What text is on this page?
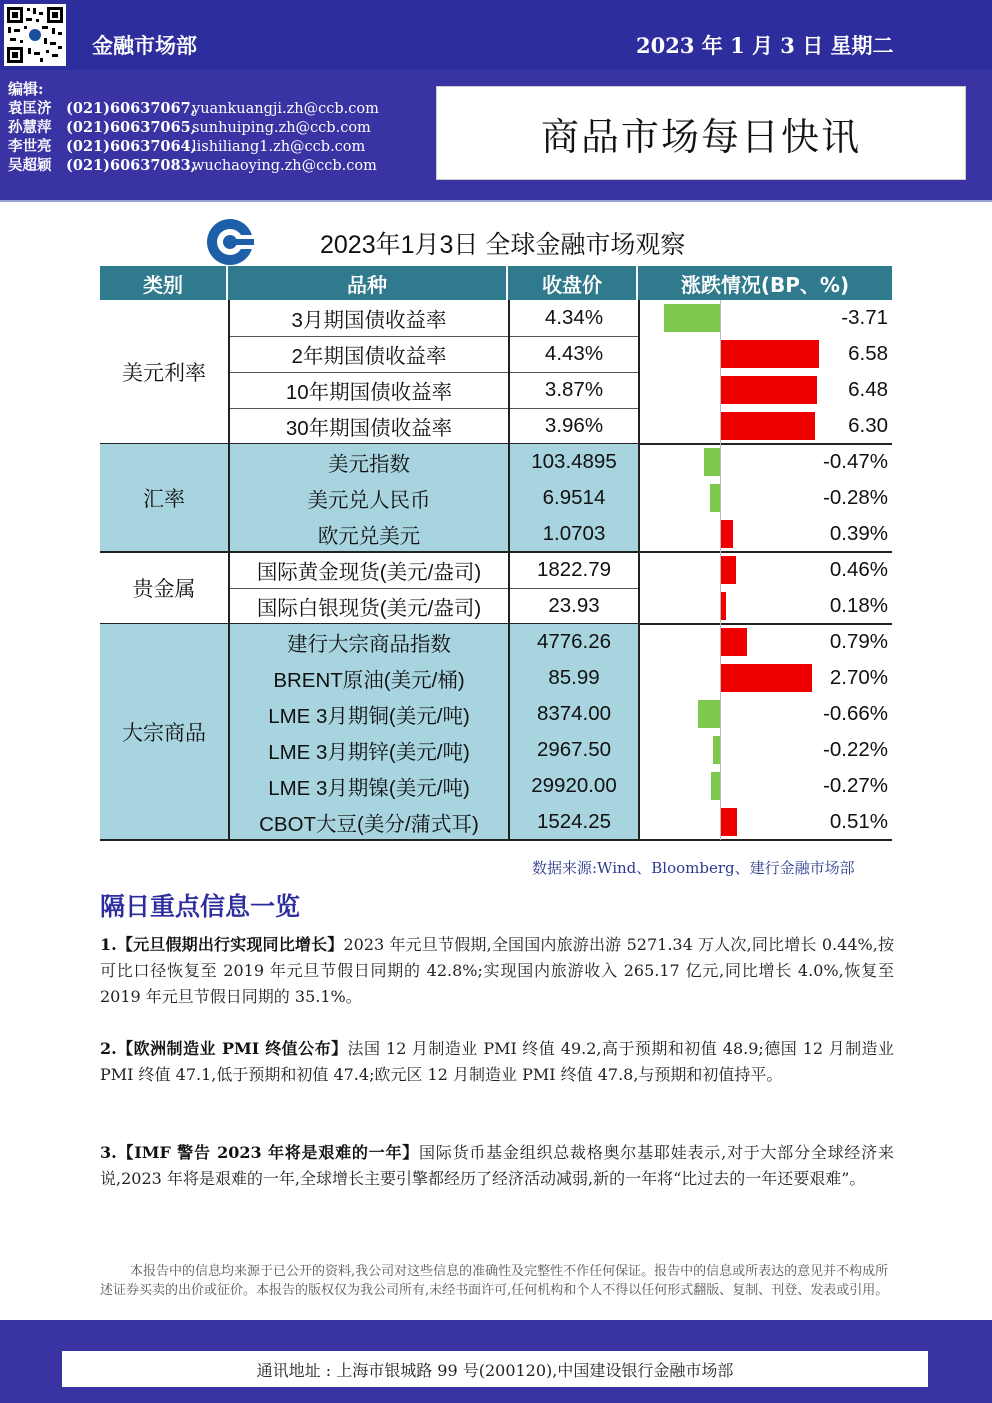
金融市场部	2023 年 1 月 3 日 星期二
编辑:
袁匡济 (021)60637067,yuankuangji.zh@ccb.com
孙慧萍 (021)60637065,sunhuiping.zh@ccb.com
李世亮 (021)60637064,lishiliang1.zh@ccb.com
吴超颖 (021)60637083,wuchaoying.zh@ccb.com
商品市场每日快讯
2023年1月3日 全球金融市场观察
类别	品种	收盘价	涨跌情况(BP、%)
美元利率
3月期国债收益率	4.34%	-3.71
2年期国债收益率	4.43%	6.58
10年期国债收益率	3.87%	6.48
30年期国债收益率	3.96%	6.30
汇率
美元指数	103.4895	-0.47%
美元兑人民币	6.9514	-0.28%
欧元兑美元	1.0703	0.39%
贵金属
国际黄金现货(美元/盎司)	1822.79	0.46%
国际白银现货(美元/盎司)	23.93	0.18%
大宗商品
建行大宗商品指数	4776.26	0.79%
BRENT原油(美元/桶)	85.99	2.70%
LME 3月期铜(美元/吨)	8374.00	-0.66%
LME 3月期锌(美元/吨)	2967.50	-0.22%
LME 3月期镍(美元/吨)	29920.00	-0.27%
CBOT大豆(美分/蒲式耳)	1524.25	0.51%
数据来源:Wind、Bloomberg、建行金融市场部
隔日重点信息一览
1.【元旦假期出行实现同比增长】2023 年元旦节假期,全国国内旅游出游 5271.34 万人次,同比增长 0.44%,按可比口径恢复至 2019 年元旦节假日同期的 42.8%;实现国内旅游收入 265.17 亿元,同比增长 4.0%,恢复至 2019 年元旦节假日同期的 35.1%。
2.【欧洲制造业 PMI 终值公布】法国 12 月制造业 PMI 终值 49.2,高于预期和初值 48.9;德国 12 月制造业 PMI 终值 47.1,低于预期和初值 47.4;欧元区 12 月制造业 PMI 终值 47.8,与预期和初值持平。
3.【IMF 警告 2023 年将是艰难的一年】国际货币基金组织总裁格奥尔基耶娃表示,对于大部分全球经济来说,2023 年将是艰难的一年,全球增长主要引擎都经历了经济活动减弱,新的一年将“比过去的一年还要艰难”。
本报告中的信息均来源于已公开的资料,我公司对这些信息的准确性及完整性不作任何保证。报告中的信息或所表达的意见并不构成所述证券买卖的出价或征价。本报告的版权仅为我公司所有,未经书面许可,任何机构和个人不得以任何形式翻版、复制、刊登、发表或引用。
通讯地址 : 上海市银城路 99 号(200120),中国建设银行金融市场部
